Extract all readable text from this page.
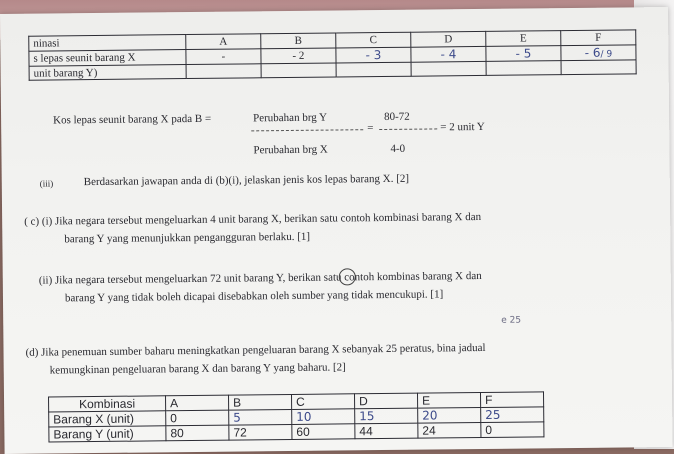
ninasi	A	B	C	D	E	F
s lepas seunit barang X	-	- 2	- 3	- 4	- 5	- 6/ 9
unit barang Y)						
Kos lepas seunit barang X pada B =	Perubahan brg Y
Perubahan brg X
=
80-72
4-0
= 2 unit Y
(iii)	Berdasarkan jawapan anda di (b)(i), jelaskan jenis kos lepas barang X. [2]
( c) (i) Jika negara tersebut mengeluarkan 4 unit barang X, berikan satu contoh kombinasi barang X dan
barang Y yang menunjukkan pengangguran berlaku. [1]
(ii) Jika negara tersebut mengeluarkan 72 unit barang Y, berikan satu contoh kombinas barang X dan
barang Y yang tidak boleh dicapai disebabkan oleh sumber yang tidak mencukupi. [1]
e 25
(d) Jika penemuan sumber baharu meningkatkan pengeluaran barang X sebanyak 25 peratus, bina jadual
kemungkinan pengeluaran barang X dan barang Y yang baharu. [2]
Kombinasi	A	B	C	D	E	F
Barang X (unit)	0	5	10	15	20	25
Barang Y (unit)	80	72	60	44	24	0
